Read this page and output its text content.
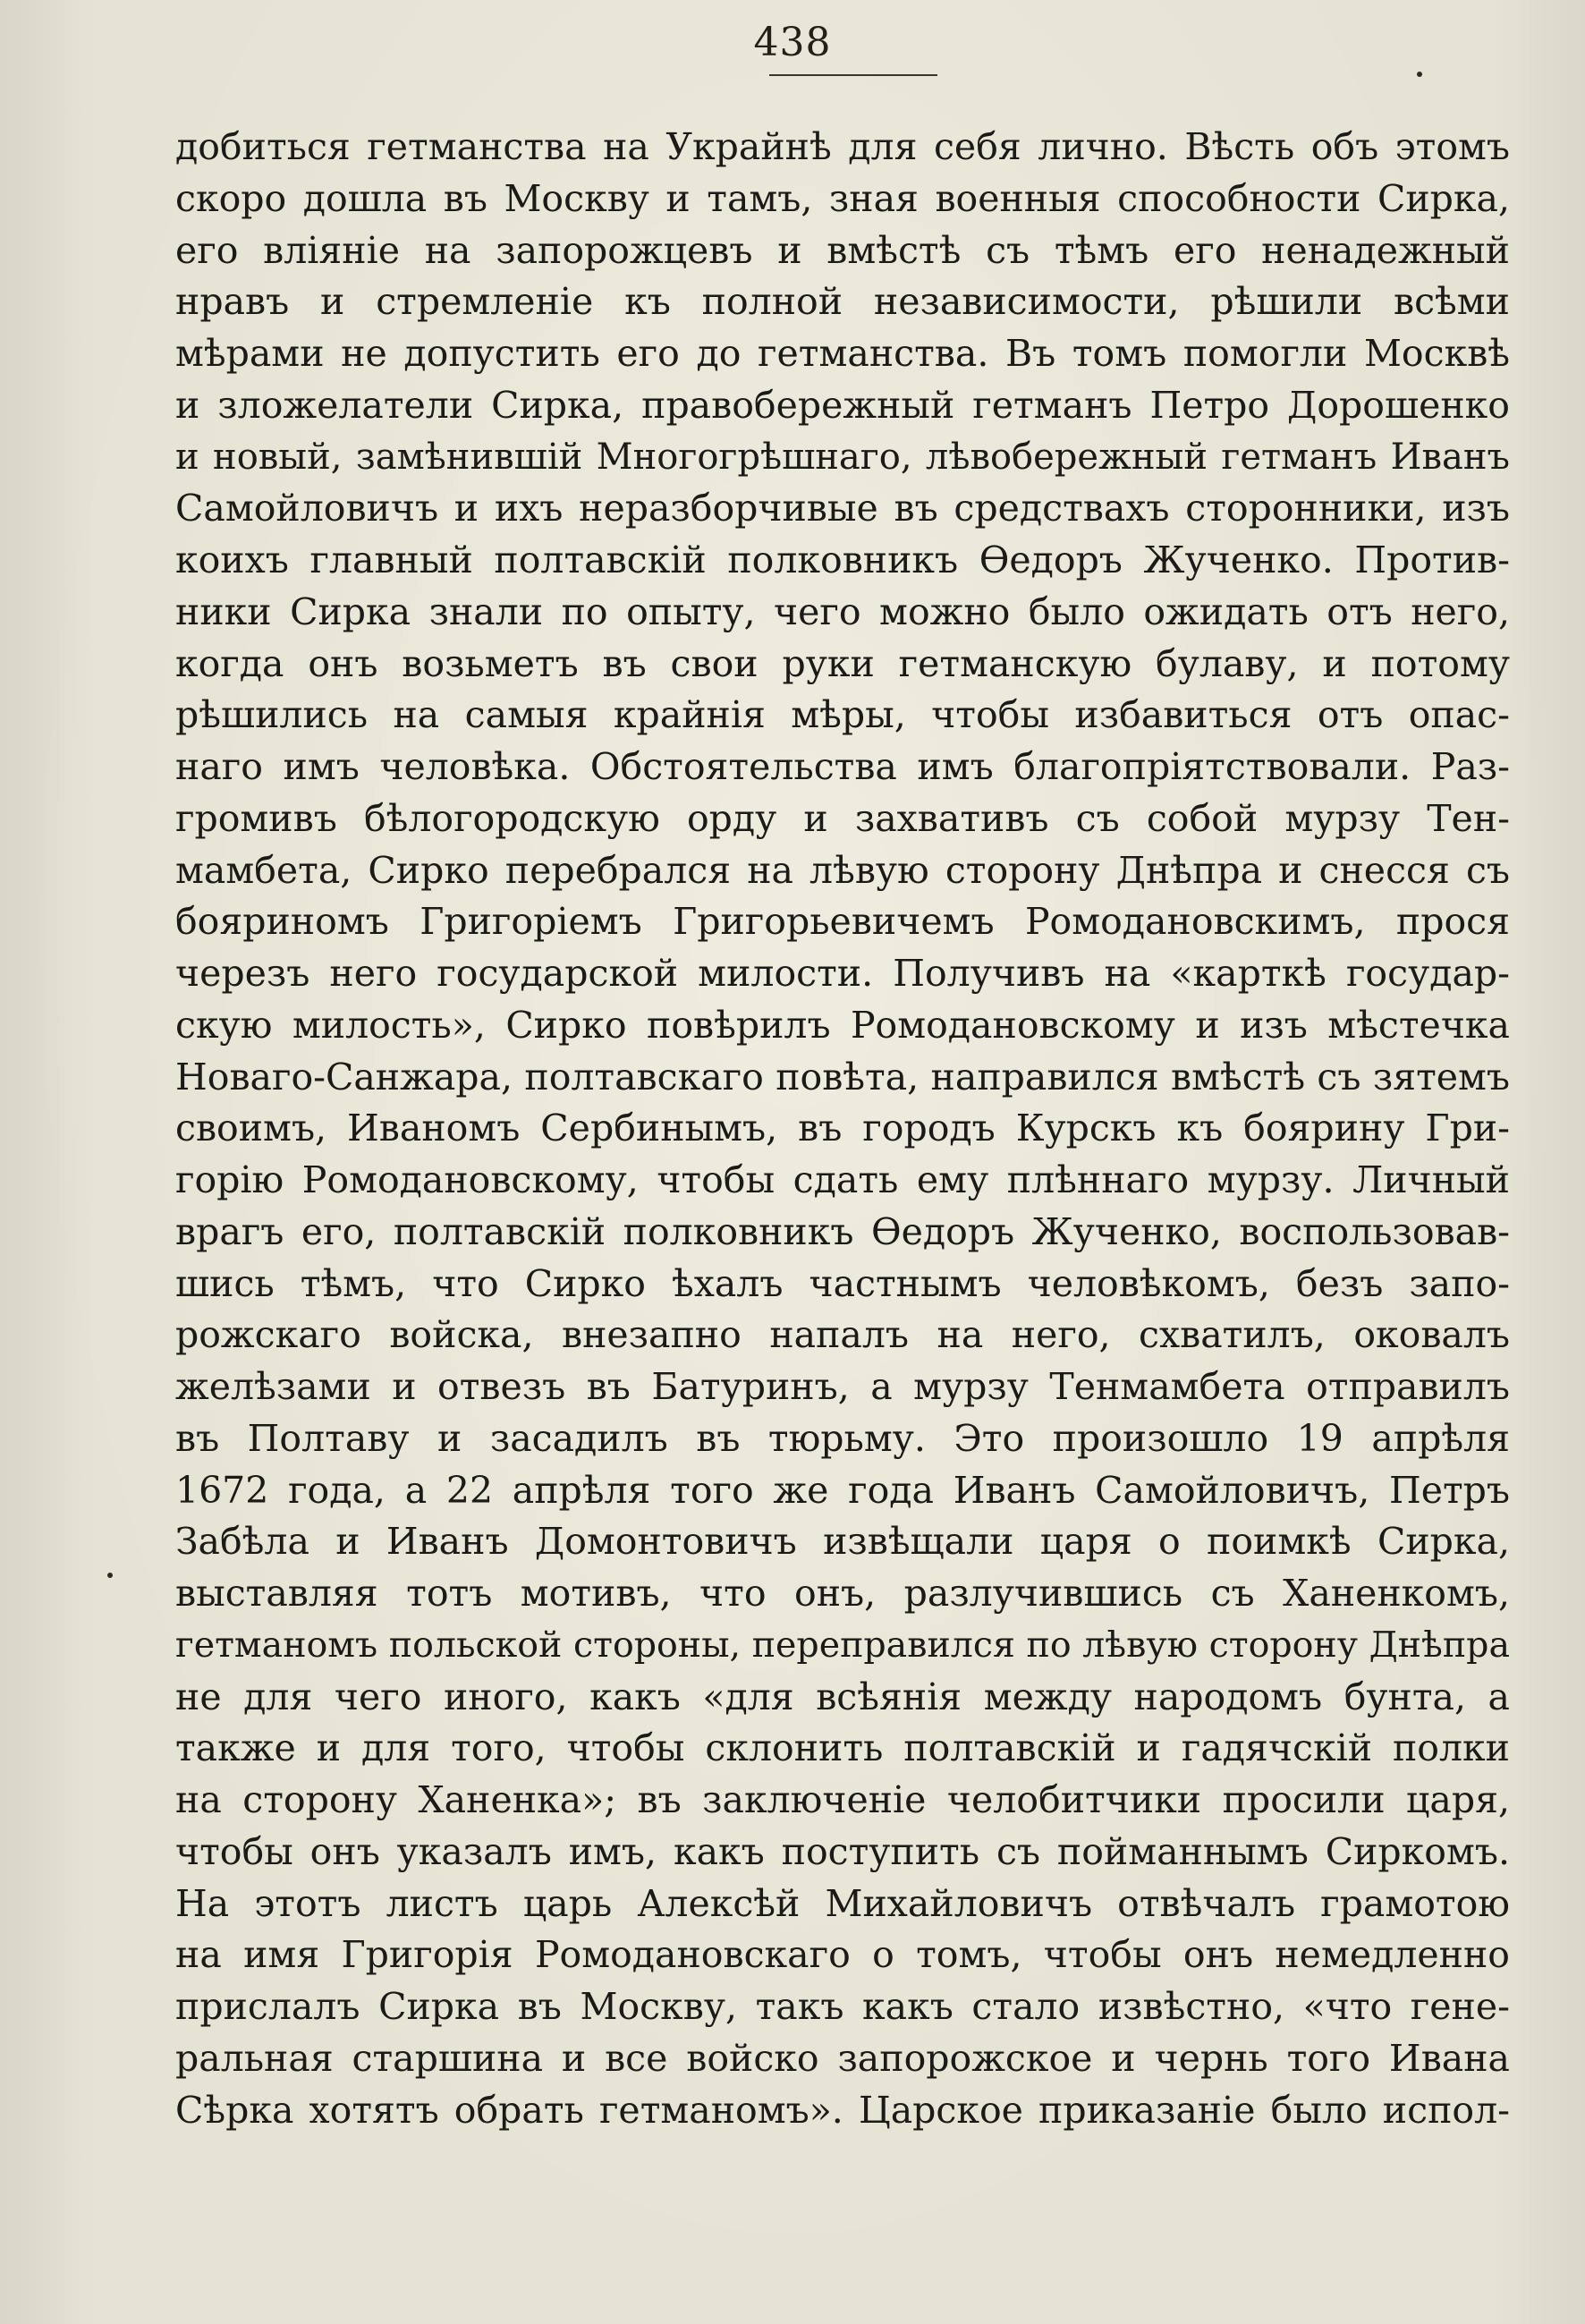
438
добиться гетманства на Украйнѣ для себя лично. Вѣсть объ этомъ
скоро дошла въ Москву и тамъ, зная военныя способности Сирка,
его вліяніе на запорожцевъ и вмѣстѣ съ тѣмъ его ненадежный
нравъ и стремленіе къ полной независимости, рѣшили всѣми
мѣрами не допустить его до гетманства. Въ томъ помогли Москвѣ
и зложелатели Сирка, правобережный гетманъ Петро Дорошенко
и новый, замѣнившій Многогрѣшнаго, лѣвобережный гетманъ Иванъ
Самойловичъ и ихъ неразборчивые въ средствахъ сторонники, изъ
коихъ главный полтавскій полковникъ Ѳедоръ Жученко. Против-
ники Сирка знали по опыту, чего можно было ожидать отъ него,
когда онъ возьметъ въ свои руки гетманскую булаву, и потому
рѣшились на самыя крайнія мѣры, чтобы избавиться отъ опас-
наго имъ человѣка. Обстоятельства имъ благопріятствовали. Раз-
громивъ бѣлогородскую орду и захвативъ съ собой мурзу Тен-
мамбета, Сирко перебрался на лѣвую сторону Днѣпра и снесся съ
бояриномъ Григоріемъ Григорьевичемъ Ромодановскимъ, прося
черезъ него государской милости. Получивъ на «карткѣ государ-
скую милость», Сирко повѣрилъ Ромодановскому и изъ мѣстечка
Новаго-Санжара, полтавскаго повѣта, направился вмѣстѣ съ зятемъ
своимъ, Иваномъ Сербинымъ, въ городъ Курскъ къ боярину Гри-
горію Ромодановскому, чтобы сдать ему плѣннаго мурзу. Личный
врагъ его, полтавскій полковникъ Ѳедоръ Жученко, воспользовав-
шись тѣмъ, что Сирко ѣхалъ частнымъ человѣкомъ, безъ запо-
рожскаго войска, внезапно напалъ на него, схватилъ, оковалъ
желѣзами и отвезъ въ Батуринъ, а мурзу Тенмамбета отправилъ
въ Полтаву и засадилъ въ тюрьму. Это произошло 19 апрѣля
1672 года, а 22 апрѣля того же года Иванъ Самойловичъ, Петръ
Забѣла и Иванъ Домонтовичъ извѣщали царя о поимкѣ Сирка,
выставляя тотъ мотивъ, что онъ, разлучившись съ Ханенкомъ,
гетманомъ польской стороны, переправился по лѣвую сторону Днѣпра
не для чего иного, какъ «для всѣянія между народомъ бунта, а
также и для того, чтобы склонить полтавскій и гадячскій полки
на сторону Ханенка»; въ заключеніе челобитчики просили царя,
чтобы онъ указалъ имъ, какъ поступить съ пойманнымъ Сиркомъ.
На этотъ листъ царь Алексѣй Михайловичъ отвѣчалъ грамотою
на имя Григорія Ромодановскаго о томъ, чтобы онъ немедленно
прислалъ Сирка въ Москву, такъ какъ стало извѣстно, «что гене-
ральная старшина и все войско запорожское и чернь того Ивана
Сѣрка хотятъ обрать гетманомъ». Царское приказаніе было испол-
